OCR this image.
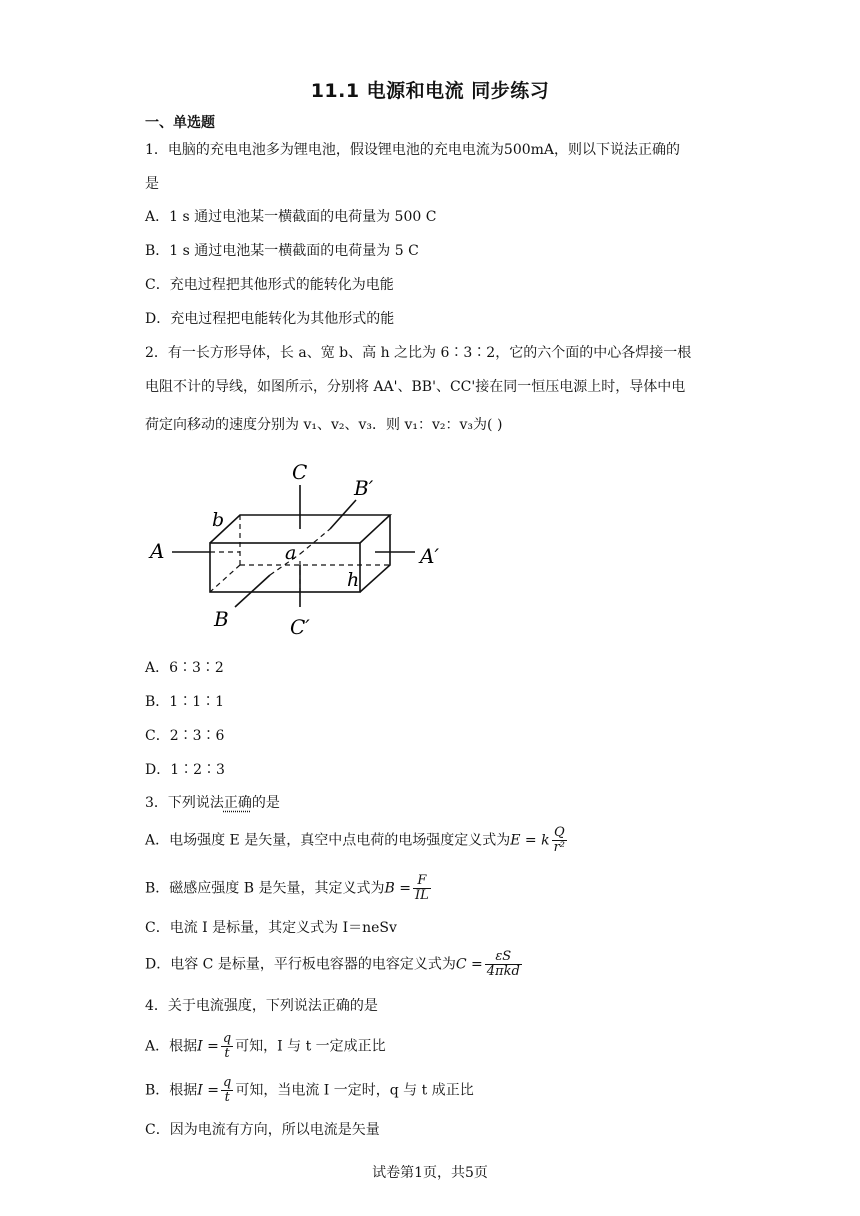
11.1 电源和电流 同步练习
一、单选题
1．电脑的充电电池多为锂电池，假设锂电池的充电电流为500mA，则以下说法正确的
是
A．1 s 通过电池某一横截面的电荷量为 500 C
B．1 s 通过电池某一横截面的电荷量为 5 C
C．充电过程把其他形式的能转化为电能
D．充电过程把电能转化为其他形式的能
2．有一长方形导体，长 a、宽 b、高 h 之比为 6∶3∶2，它的六个面的中心各焊接一根
电阻不计的导线，如图所示，分别将 AA'、BB'、CC'接在同一恒压电源上时，导体中电
荷定向移动的速度分别为 v₁、v₂、v₃．则 v₁：v₂：v₃为( )
A	A′
C
C′
B′
B
a
b
h
A．6∶3∶2
B．1∶1∶1
C．2∶3∶6
D．1∶2∶3
3．下列说法正确的是
A．电场强度 E 是矢量，真空中点电荷的电场强度定义式为E = k $\frac{Q}{\text{r²}}$
B．磁感应强度 B 是矢量，其定义式为$B = \frac{F}{IL}$
C．电流 I 是标量，其定义式为 I＝neSv
D．电容 C 是标量，平行板电容器的电容定义式为$C = \frac{\varepsilon S}{\text{4πkd}}$
4．关于电流强度，下列说法正确的是
A．根据$I = \frac{q}{t}$ 可知，I 与 t 一定成正比
B．根据$I = \frac{q}{t}$ 可知，当电流 I 一定时，q 与 t 成正比
C．因为电流有方向，所以电流是矢量
试卷第1页，共5页
